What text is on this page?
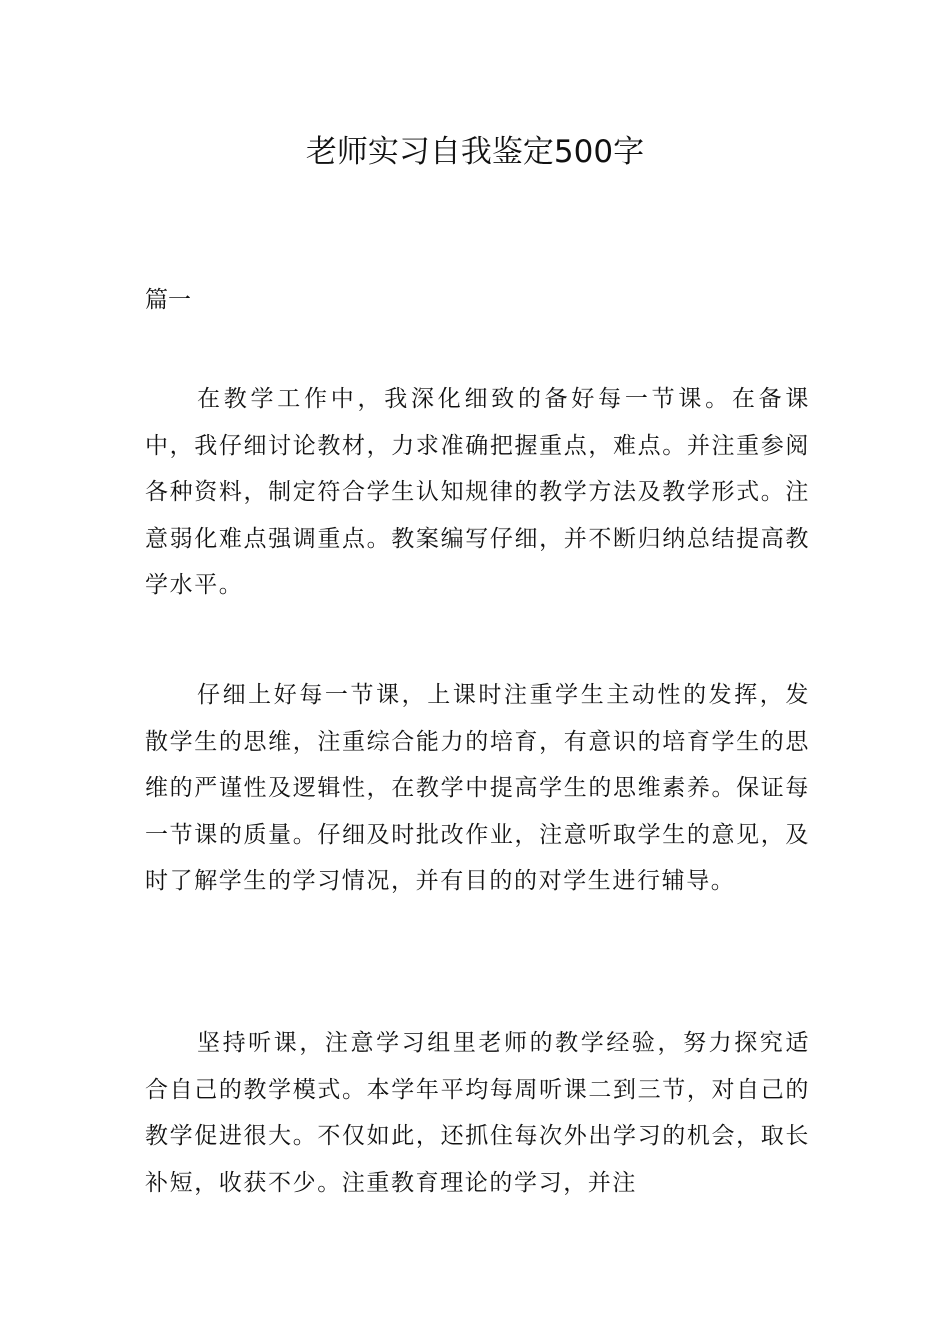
老师实习自我鉴定500字

篇一

在教学工作中，我深化细致的备好每一节课。在备课中，我仔细讨论教材，力求准确把握重点，难点。并注重参阅各种资料，制定符合学生认知规律的教学方法及教学形式。注意弱化难点强调重点。教案编写仔细，并不断归纳总结提高教学水平。

仔细上好每一节课，上课时注重学生主动性的发挥，发散学生的思维，注重综合能力的培育，有意识的培育学生的思维的严谨性及逻辑性，在教学中提高学生的思维素养。保证每一节课的质量。仔细及时批改作业，注意听取学生的意见，及时了解学生的学习情况，并有目的的对学生进行辅导。

坚持听课，注意学习组里老师的教学经验，努力探究适合自己的教学模式。本学年平均每周听课二到三节，对自己的教学促进很大。不仅如此，还抓住每次外出学习的机会，取长补短，收获不少。注重教育理论的学习，并注
